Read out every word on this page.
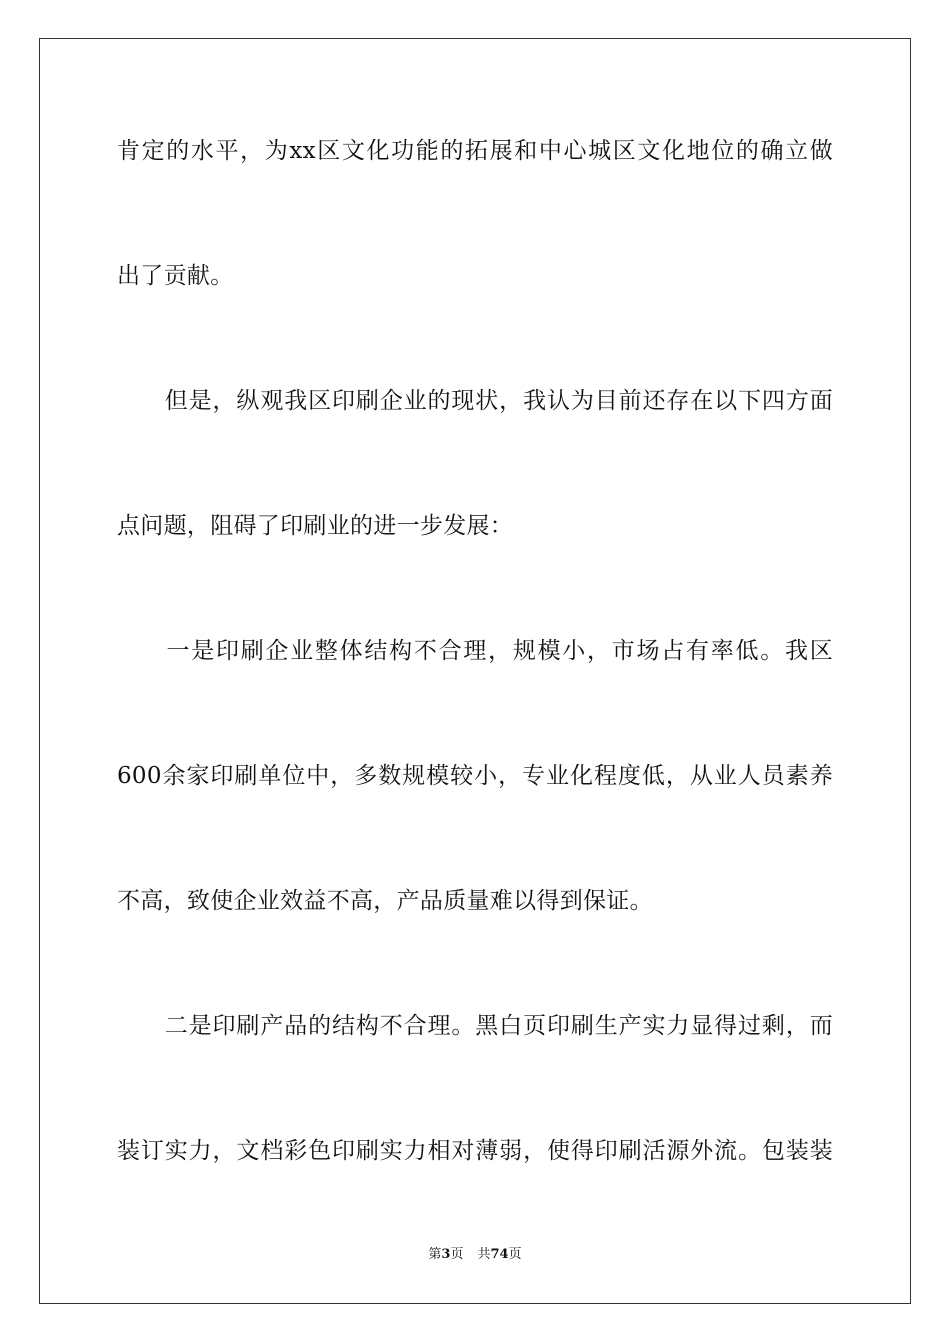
肯定的水平，为xx区文化功能的拓展和中心城区文化地位的确立做
出了贡献。
　　但是，纵观我区印刷企业的现状，我认为目前还存在以下四方面
点问题，阻碍了印刷业的进一步发展：
　　一是印刷企业整体结构不合理，规模小，市场占有率低。我区
600余家印刷单位中，多数规模较小，专业化程度低，从业人员素养
不高，致使企业效益不高，产品质量难以得到保证。
　　二是印刷产品的结构不合理。黑白页印刷生产实力显得过剩，而
装订实力，文档彩色印刷实力相对薄弱，使得印刷活源外流。包装装
第3页 共74页
